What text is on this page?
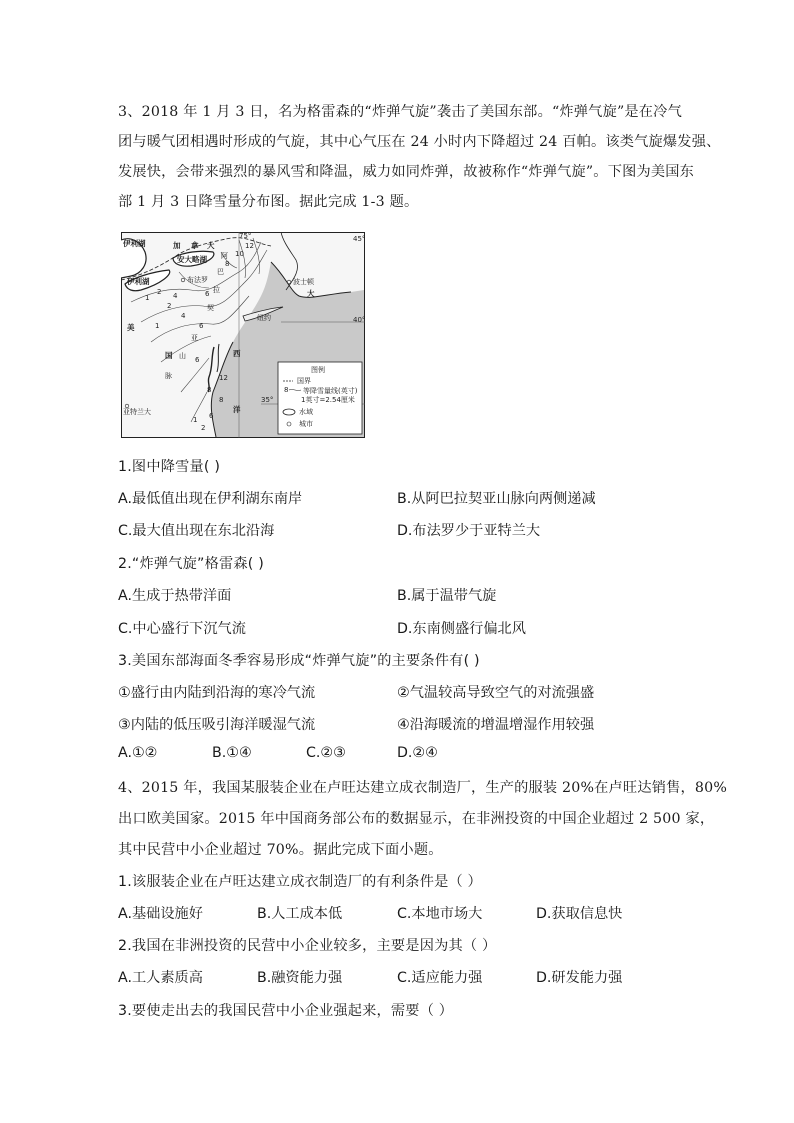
3、2018 年 1 月 3 日，名为格雷森的“炸弹气旋”袭击了美国东部。“炸弹气旋”是在冷气
团与暖气团相遇时形成的气旋，其中心气压在 24 小时内下降超过 24 百帕。该类气旋爆发强、
发展快，会带来强烈的暴风雪和降温，威力如同炸弹，故被称作“炸弹气旋”。下图为美国东
部 1 月 3 日降雪量分布图。据此完成 1-3 题。
75°	45°
40°
35°
伊利湖
伊利湖
安大略湖
布法罗	波士顿
纽约
亚特兰大
加 拿 大
美
国
大
西
洋
阿
巴
拉
契
亚
山
脉
1
2 4	6
8
10
12
6
4
2
1
6
8
12
8
6
2
1
图例
国界
8 等降雪量线(英寸)
1英寸=2.54厘米
水域
城市
1.图中降雪量( )
A.最低值出现在伊利湖东南岸	B.从阿巴拉契亚山脉向两侧递减
C.最大值出现在东北沿海	D.布法罗少于亚特兰大
2.“炸弹气旋”格雷森( )
A.生成于热带洋面	B.属于温带气旋
C.中心盛行下沉气流	D.东南侧盛行偏北风
3.美国东部海面冬季容易形成“炸弹气旋”的主要条件有( )
①盛行由内陆到沿海的寒冷气流	②气温较高导致空气的对流强盛
③内陆的低压吸引海洋暖湿气流	④沿海暖流的增温增湿作用较强
A.①②	B.①④	C.②③	D.②④
4、2015 年，我国某服装企业在卢旺达建立成衣制造厂，生产的服装 20%在卢旺达销售，80%
出口欧美国家。2015 年中国商务部公布的数据显示，在非洲投资的中国企业超过 2 500 家，
其中民营中小企业超过 70%。据此完成下面小题。
1.该服装企业在卢旺达建立成衣制造厂的有利条件是（ ）
A.基础设施好	B.人工成本低	C.本地市场大	D.获取信息快
2.我国在非洲投资的民营中小企业较多，主要是因为其（ ）
A.工人素质高	B.融资能力强	C.适应能力强	D.研发能力强
3.要使走出去的我国民营中小企业强起来，需要（ ）
